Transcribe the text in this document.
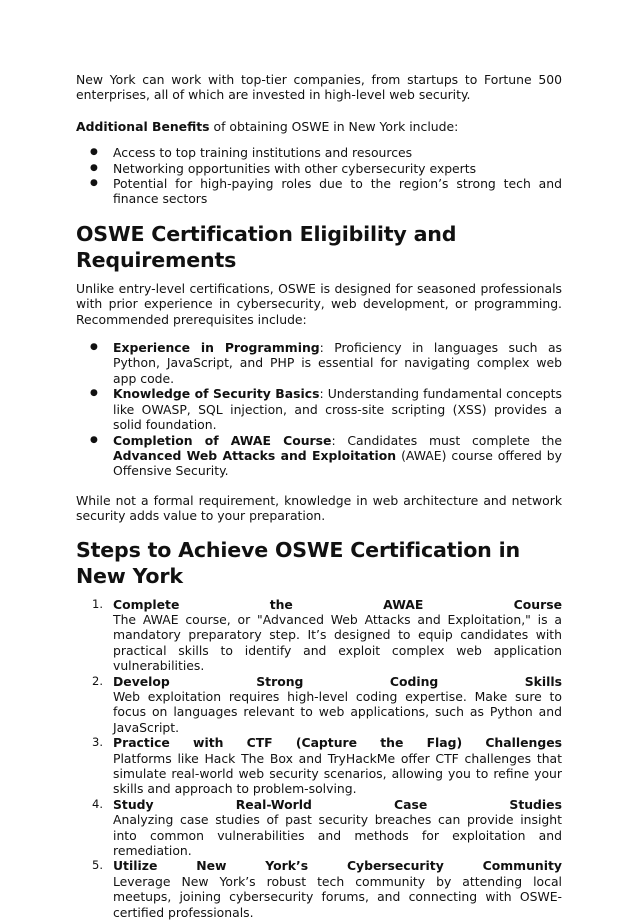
New York can work with top-tier companies, from startups to Fortune 500 enterprises, all of which are invested in high-level web security.

Additional Benefits of obtaining OSWE in New York include:

● Access to top training institutions and resources
● Networking opportunities with other cybersecurity experts
● Potential for high-paying roles due to the region’s strong tech and finance sectors
OSWE Certification Eligibility and Requirements

Unlike entry-level certifications, OSWE is designed for seasoned professionals with prior experience in cybersecurity, web development, or programming. Recommended prerequisites include:

● Experience in Programming: Proficiency in languages such as Python, JavaScript, and PHP is essential for navigating complex web app code.
● Knowledge of Security Basics: Understanding fundamental concepts like OWASP, SQL injection, and cross-site scripting (XSS) provides a solid foundation.
● Completion of AWAE Course: Candidates must complete the Advanced Web Attacks and Exploitation (AWAE) course offered by Offensive Security.

While not a formal requirement, knowledge in web architecture and network security adds value to your preparation.

Steps to Achieve OSWE Certification in New York
1. Complete	the	AWAE	Course
The AWAE course, or "Advanced Web Attacks and Exploitation," is a mandatory preparatory step. It’s designed to equip candidates with practical skills to identify and exploit complex web application vulnerabilities.
2. Develop	Strong	Coding	Skills
Web exploitation requires high-level coding expertise. Make sure to focus on languages relevant to web applications, such as Python and JavaScript.
3. Practice with CTF (Capture the Flag) Challenges
Platforms like Hack The Box and TryHackMe offer CTF challenges that simulate real-world web security scenarios, allowing you to refine your skills and approach to problem-solving.
4. Study	Real-World	Case	Studies
Analyzing case studies of past security breaches can provide insight into common vulnerabilities and methods for exploitation and remediation.
5. Utilize	New	York’s	Cybersecurity	Community
Leverage New York’s robust tech community by attending local meetups, joining cybersecurity forums, and connecting with OSWE-certified professionals.
